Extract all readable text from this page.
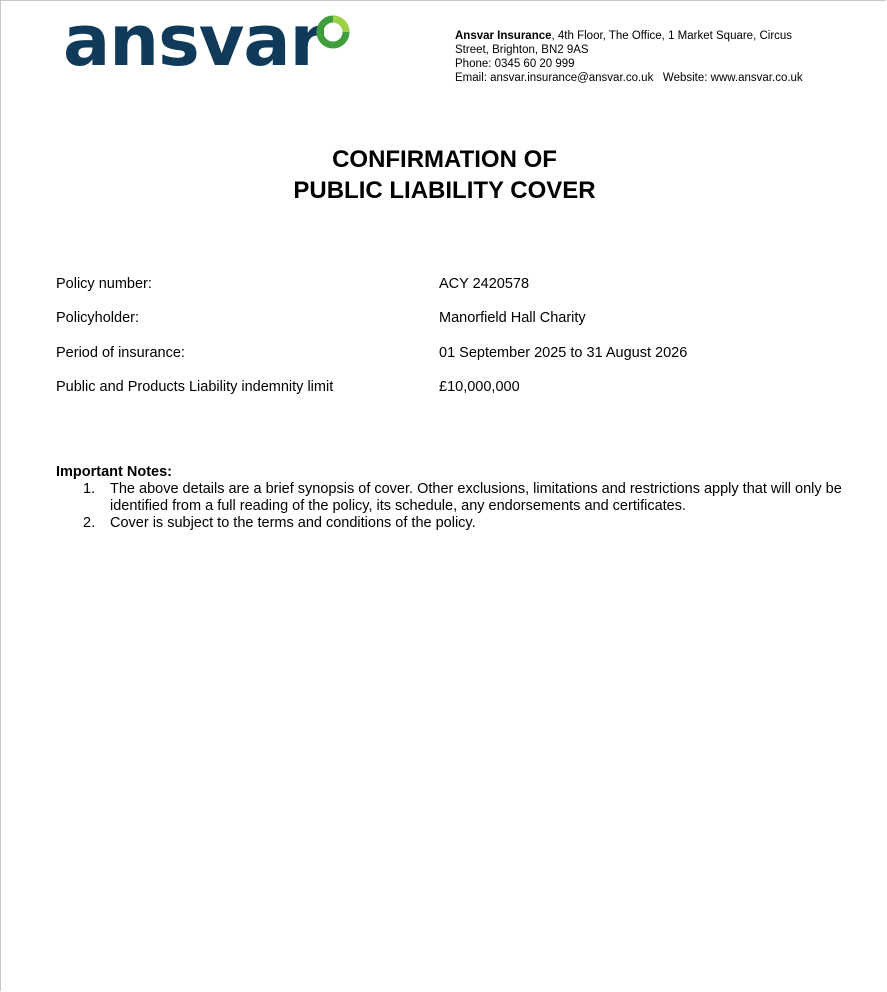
ansvar	Ansvar Insurance, 4th Floor, The Office, 1 Market Square, Circus
Street, Brighton, BN2 9AS
Phone: 0345 60 20 999
Email: ansvar.insurance@ansvar.co.uk Website: www.ansvar.co.uk
CONFIRMATION OF
PUBLIC LIABILITY COVER
Policy number:	ACY 2420578
Policyholder:	Manorfield Hall Charity
Period of insurance:	01 September 2025 to 31 August 2026
Public and Products Liability indemnity limit	£10,000,000
Important Notes:
1. The above details are a brief synopsis of cover. Other exclusions, limitations and restrictions apply that will only be identified from a full reading of the policy, its schedule, any endorsements and certificates.
2. Cover is subject to the terms and conditions of the policy.
